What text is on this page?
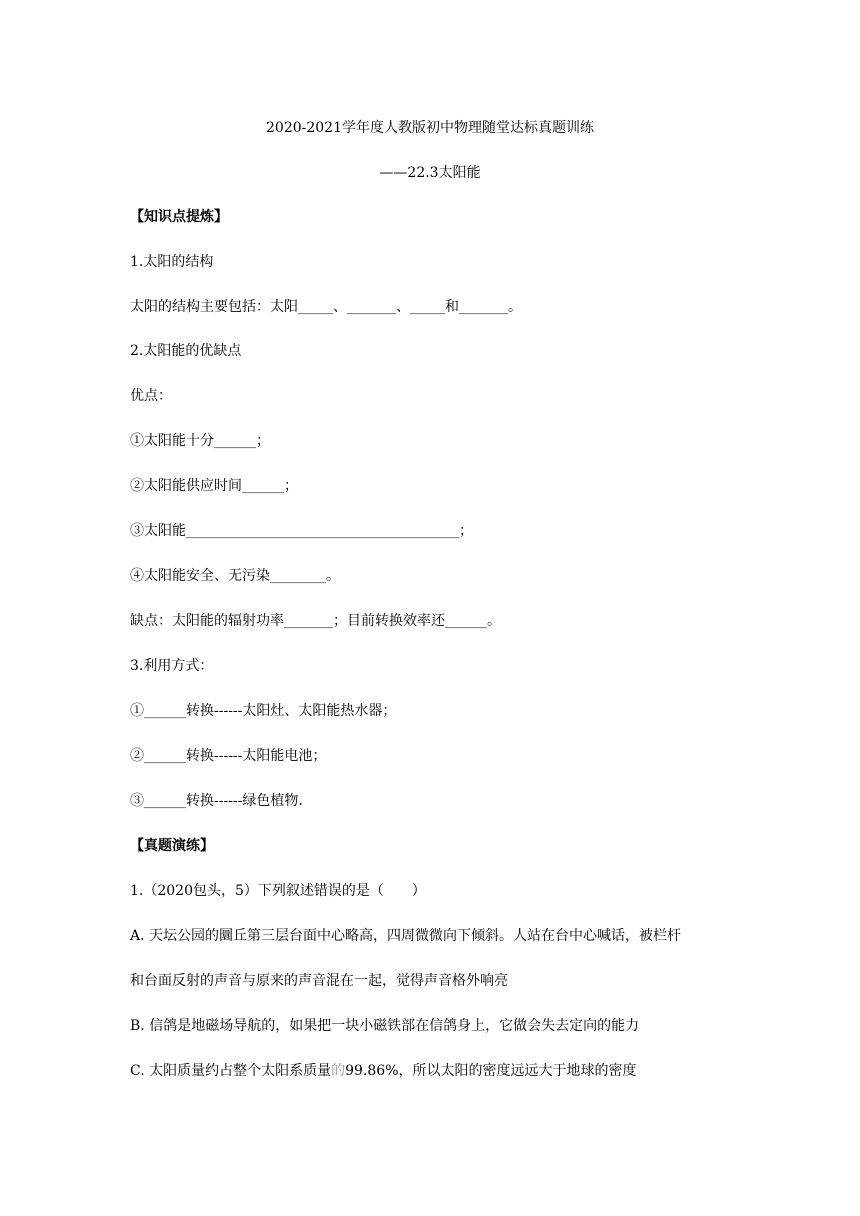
2020-2021学年度人教版初中物理随堂达标真题训练
——22.3太阳能
【知识点提炼】
1.太阳的结构
太阳的结构主要包括：太阳_____、_______、_____和_______。
2.太阳能的优缺点
优点：
①太阳能十分______；
②太阳能供应时间______；
③太阳能_______________________________________；
④太阳能安全、无污染________。
缺点：太阳能的辐射功率_______；目前转换效率还______。
3.利用方式：
①______转换------太阳灶、太阳能热水器；
②______转换------太阳能电池；
③______转换------绿色植物.
【真题演练】
1.（2020包头，5）下列叙述错误的是（　　）
A. 天坛公园的圜丘第三层台面中心略高，四周微微向下倾斜。人站在台中心喊话，被栏杆
和台面反射的声音与原来的声音混在一起，觉得声音格外响亮
B. 信鸽是地磁场导航的，如果把一块小磁铁部在信鸽身上，它做会失去定向的能力
C. 太阳质量约占整个太阳系质量的99.86%，所以太阳的密度远远大于地球的密度
